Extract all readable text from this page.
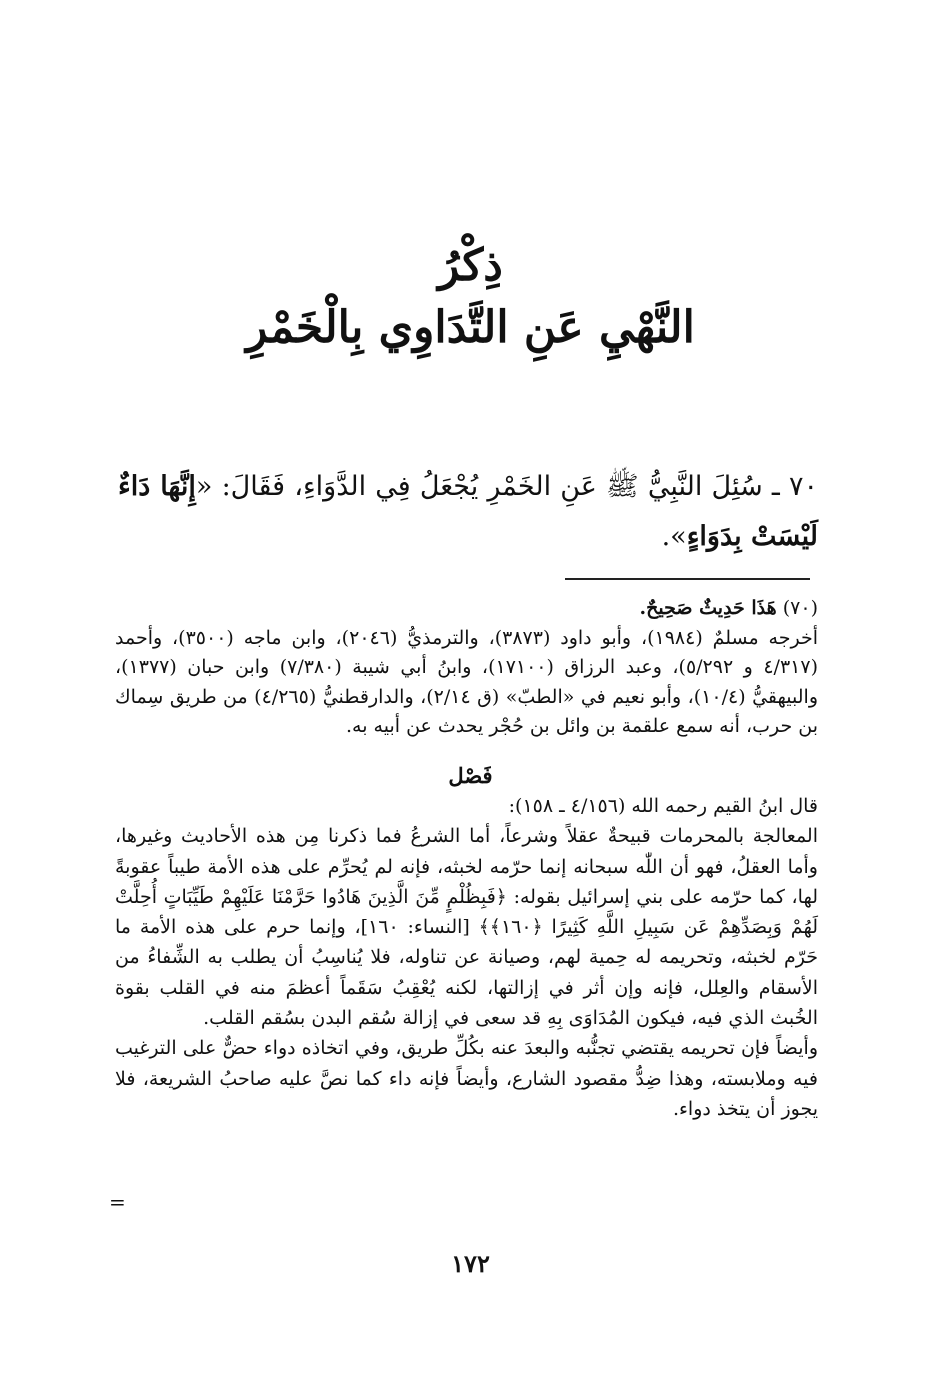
ذِكْرُ
النَّهْيِ عَنِ التَّدَاوِي بِالْخَمْرِ
٧٠ ـ سُئِلَ النَّبِيُّ ﷺ عَنِ الخَمْرِ يُجْعَلُ فِي الدَّوَاءِ، فَقَالَ: «إِنَّهَا دَاءٌ لَيْسَتْ بِدَوَاءٍ».
(٧٠) هَذَا حَدِيثٌ صَحِيحٌ.
أخرجه مسلمٌ (١٩٨٤)، وأبو داود (٣٨٧٣)، والترمذيُّ (٢٠٤٦)، وابن ماجه (٣٥٠٠)، وأحمد (٤/٣١٧ و ٥/٢٩٢)، وعبد الرزاق (١٧١٠٠)، وابنُ أبي شيبة (٧/٣٨٠) وابن حبان (١٣٧٧)، والبيهقيُّ (١٠/٤)، وأبو نعيم في «الطبّ» (ق ٢/١٤)، والدارقطنيُّ (٤/٢٦٥) من طريق سِماك بن حرب، أنه سمع علقمة بن وائل بن حُجْر يحدث عن أبيه به.
فَصْل

قال ابنُ القيم رحمه الله (٤/١٥٦ ـ ١٥٨):

المعالجة بالمحرمات قبيحةٌ عقلاً وشرعاً، أما الشرعُ فما ذكرنا مِن هذه الأحاديث وغيرها، وأما العقلُ، فهو أن اللّٰه سبحانه إنما حرّمه لخبثه، فإنه لم يُحرِّم على هذه الأمة طيباً عقوبةً لها، كما حرّمه على بني إسرائيل بقوله: ﴿فَبِظُلْمٍ مِّنَ الَّذِينَ هَادُوا حَرَّمْنَا عَلَيْهِمْ طَيِّبَاتٍ أُحِلَّتْ لَهُمْ وَبِصَدِّهِمْ عَن سَبِيلِ اللَّهِ كَثِيرًا ﴿١٦٠﴾﴾ [النساء: ١٦٠]، وإنما حرم على هذه الأمة ما حَرّم لخبثه، وتحريمه له حِمية لهم، وصيانة عن تناوله، فلا يُناسِبُ أن يطلب به الشِّفاءُ من الأسقام والعِلل، فإنه وإن أثر في إزالتها، لكنه يُعْقِبُ سَقَماً أعظمَ منه في القلب بقوة الخُبث الذي فيه، فيكون المُدَاوَى بِهِ قد سعى في إزالة سُقم البدن بسُقم القلب.

وأيضاً فإن تحريمه يقتضي تجنُّبه والبعدَ عنه بكُلِّ طريق، وفي اتخاذه دواء حضٌّ على الترغيب فيه وملابسته، وهذا ضِدُّ مقصود الشارع، وأيضاً فإنه داء كما نصَّ عليه صاحبُ الشريعة، فلا يجوز أن يتخذ دواء.

=
١٧٢
